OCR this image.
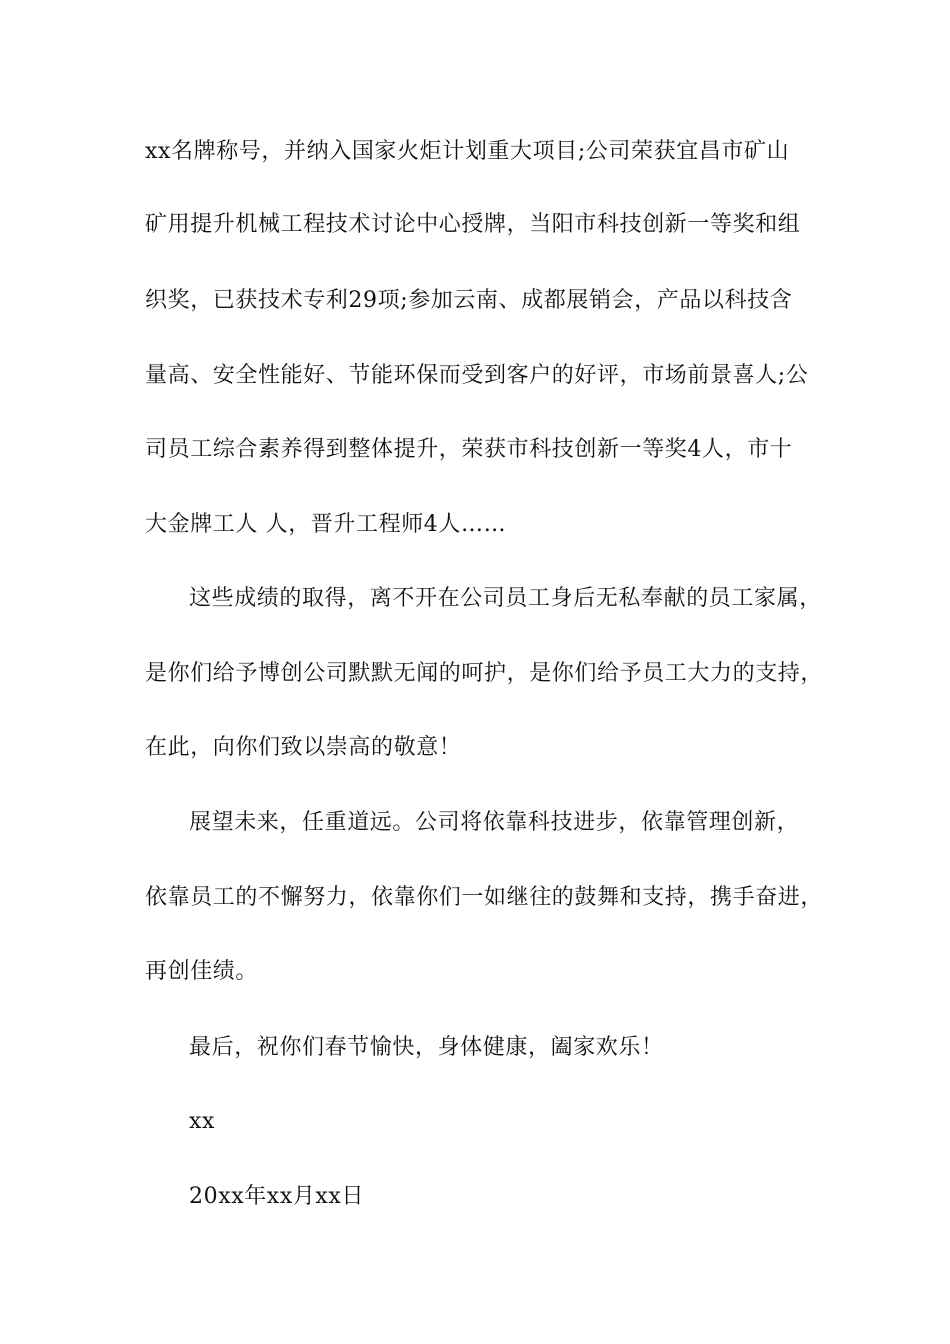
xx名牌称号，并纳入国家火炬计划重大项目;公司荣获宜昌市矿山
矿用提升机械工程技术讨论中心授牌，当阳市科技创新一等奖和组
织奖，已获技术专利29项;参加云南、成都展销会，产品以科技含
量高、安全性能好、节能环保而受到客户的好评，市场前景喜人;公
司员工综合素养得到整体提升，荣获市科技创新一等奖4人，市十
大金牌工人 人，晋升工程师4人……
这些成绩的取得，离不开在公司员工身后无私奉献的员工家属，
是你们给予博创公司默默无闻的呵护，是你们给予员工大力的支持，
在此，向你们致以崇高的敬意！
展望未来，任重道远。公司将依靠科技进步，依靠管理创新，
依靠员工的不懈努力，依靠你们一如继往的鼓舞和支持，携手奋进，
再创佳绩。
最后，祝你们春节愉快，身体健康，阖家欢乐！
xx
20xx年xx月xx日
